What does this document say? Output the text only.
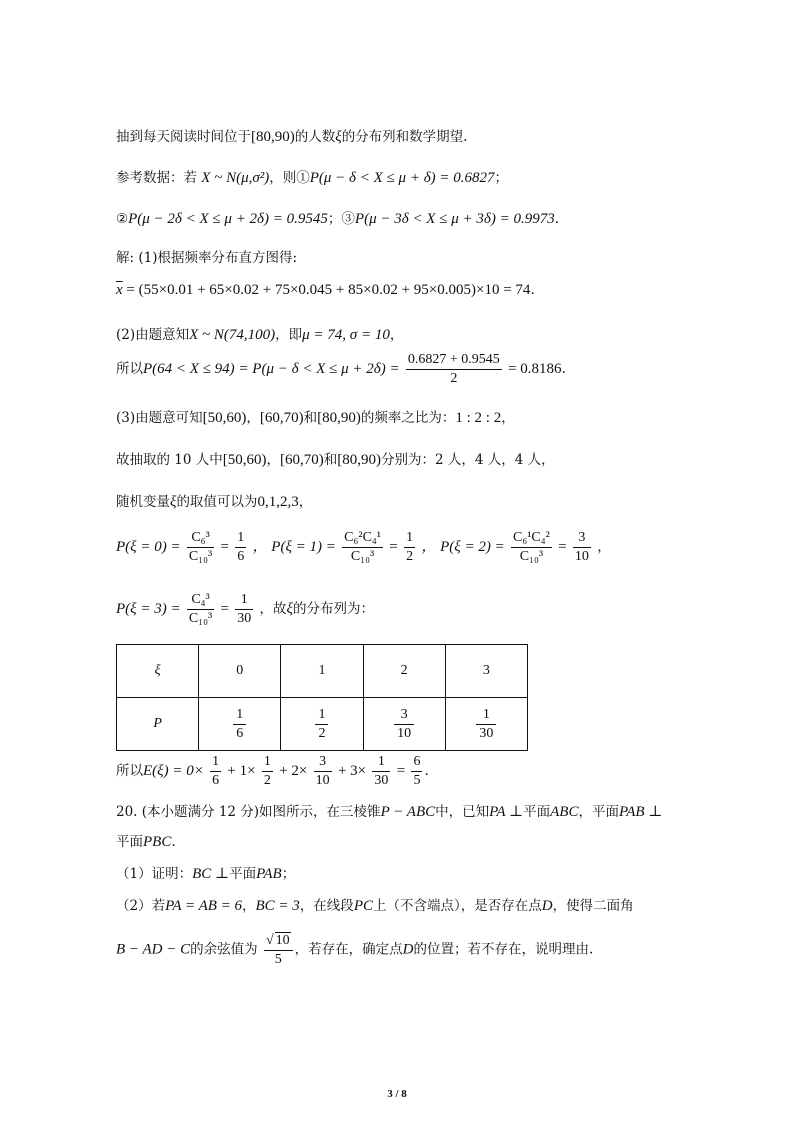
抽到每天阅读时间位于[80,90)的人数ξ的分布列和数学期望.
参考数据：若 X ~ N(μ,σ²)，则①P(μ − δ < X ≤ μ + δ) = 0.6827；
②P(μ − 2δ < X ≤ μ + 2δ) = 0.9545；③P(μ − 3δ < X ≤ μ + 3δ) = 0.9973.
解: (1)根据频率分布直方图得:
$\overline{x} = (55\times 0.01 + 65\times 0.02 + 75\times 0.045 + 85\times 0.02 + 95\times 0.005)\times 10 = 74$.
(2)由题意知X ~ N(74,100)，即μ = 74, σ = 10，
所以$P(64 < X \le 94) = P(\mu - \delta < X \le \mu + 2\delta) = \frac{0.6827 + 0.9545}{2} = 0.8186$.
(3)由题意可知[50,60)，[60,70)和[80,90)的频率之比为：1 : 2 : 2，
故抽取的 10 人中[50,60)，[60,70)和[80,90)分别为：2 人，4 人，4 人，
随机变量ξ的取值可以为0,1,2,3，
$P(\xi = 0) = \frac{\text{C₆³}}{\text{C₁₀³}} = \frac{1}{6}$ ， $P(\xi = 1) = \frac{\text{C₆²C₄¹}}{\text{C₁₀³}} = \frac{1}{2}$ ， $P(\xi = 2) = \frac{\text{C₆¹C₄²}}{\text{C₁₀³}} = \frac{3}{10}$ ，
$P(\xi = 3) = \frac{\text{C₄³}}{\text{C₁₀³}} = \frac{1}{30}$ ，故ξ的分布列为：
ξ	0	1	2	3
P	$\frac{1}{6}$	$\frac{1}{2}$	$\frac{3}{10}$	$\frac{1}{30}$
所以$E(\xi) = 0\times \frac{1}{6} + 1\times \frac{1}{2} + 2\times \frac{3}{10} + 3\times \frac{1}{30} = \frac{6}{5}$ .
20. (本小题满分 12 分)如图所示，在三棱锥P − ABC中，已知PA ⊥平面ABC，平面PAB ⊥
平面PBC.
（1）证明：BC ⊥平面PAB；
（2）若PA = AB = 6，BC = 3，在线段PC上（不含端点），是否存在点D，使得二面角
B − AD − C的余弦值为 $\frac{√ 10}{5}$ ，若存在，确定点D的位置；若不存在，说明理由.
3 / 8
